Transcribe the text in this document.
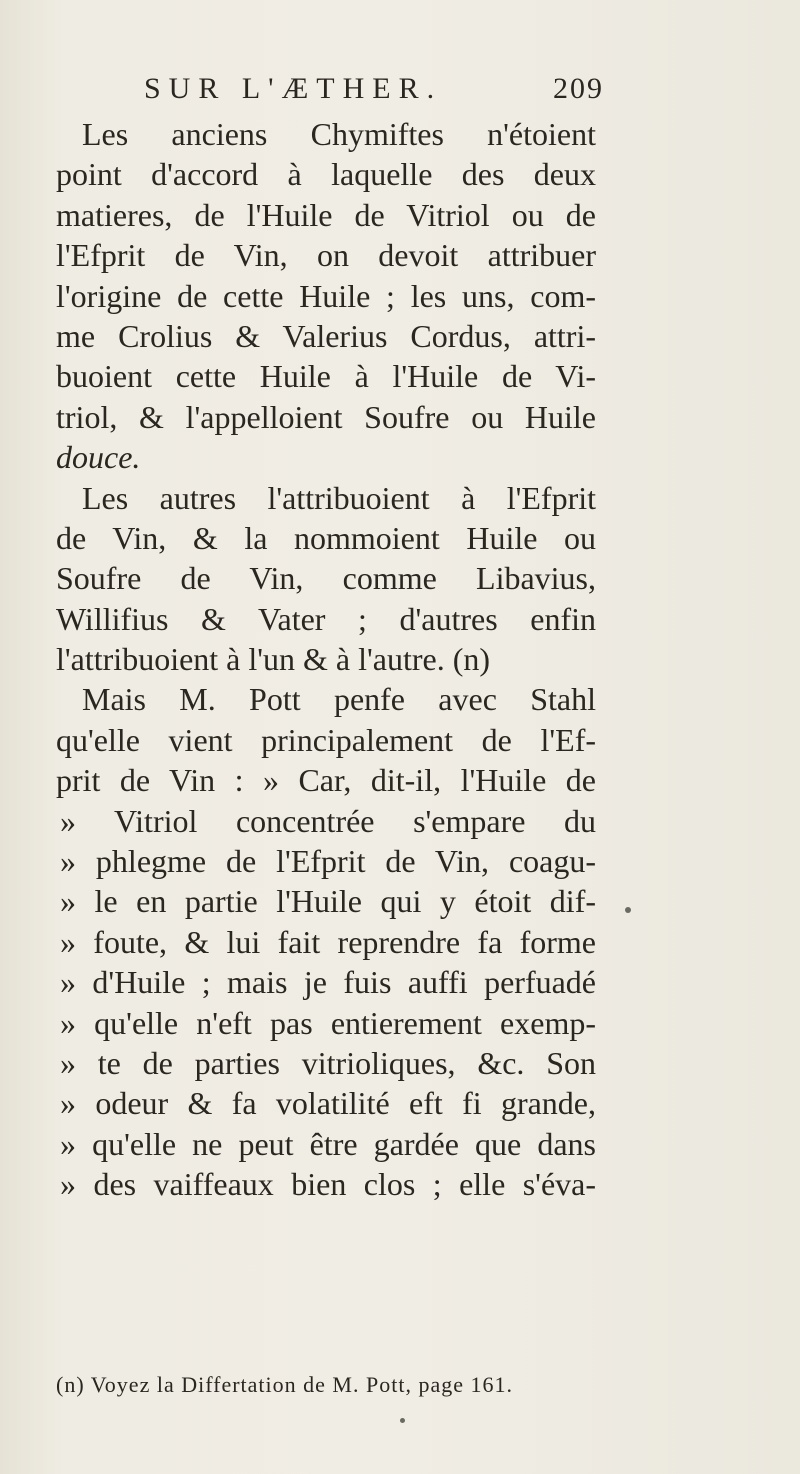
SUR L'ÆTHER.	209
Les anciens Chymiftes n'étoient
point d'accord à laquelle des deux
matieres, de l'Huile de Vitriol ou de
l'Efprit de Vin, on devoit attribuer
l'origine de cette Huile ; les uns, com-
me Crolius & Valerius Cordus, attri-
buoient cette Huile à l'Huile de Vi-
triol, & l'appelloient Soufre ou Huile
douce.
Les autres l'attribuoient à l'Efprit
de Vin, & la nommoient Huile ou
Soufre de Vin, comme Libavius,
Willifius & Vater ; d'autres enfin
l'attribuoient à l'un & à l'autre. (n)
Mais M. Pott penfe avec Stahl
qu'elle vient principalement de l'Ef-
prit de Vin : » Car, dit-il, l'Huile de
» Vitriol concentrée s'empare du
» phlegme de l'Efprit de Vin, coagu-
» le en partie l'Huile qui y étoit dif-
» foute, & lui fait reprendre fa forme
» d'Huile ; mais je fuis auffi perfuadé
» qu'elle n'eft pas entierement exemp-
» te de parties vitrioliques, &c. Son
» odeur & fa volatilité eft fi grande,
» qu'elle ne peut être gardée que dans
» des vaiffeaux bien clos ; elle s'éva-
(n) Voyez la Differtation de M. Pott, page 161.
